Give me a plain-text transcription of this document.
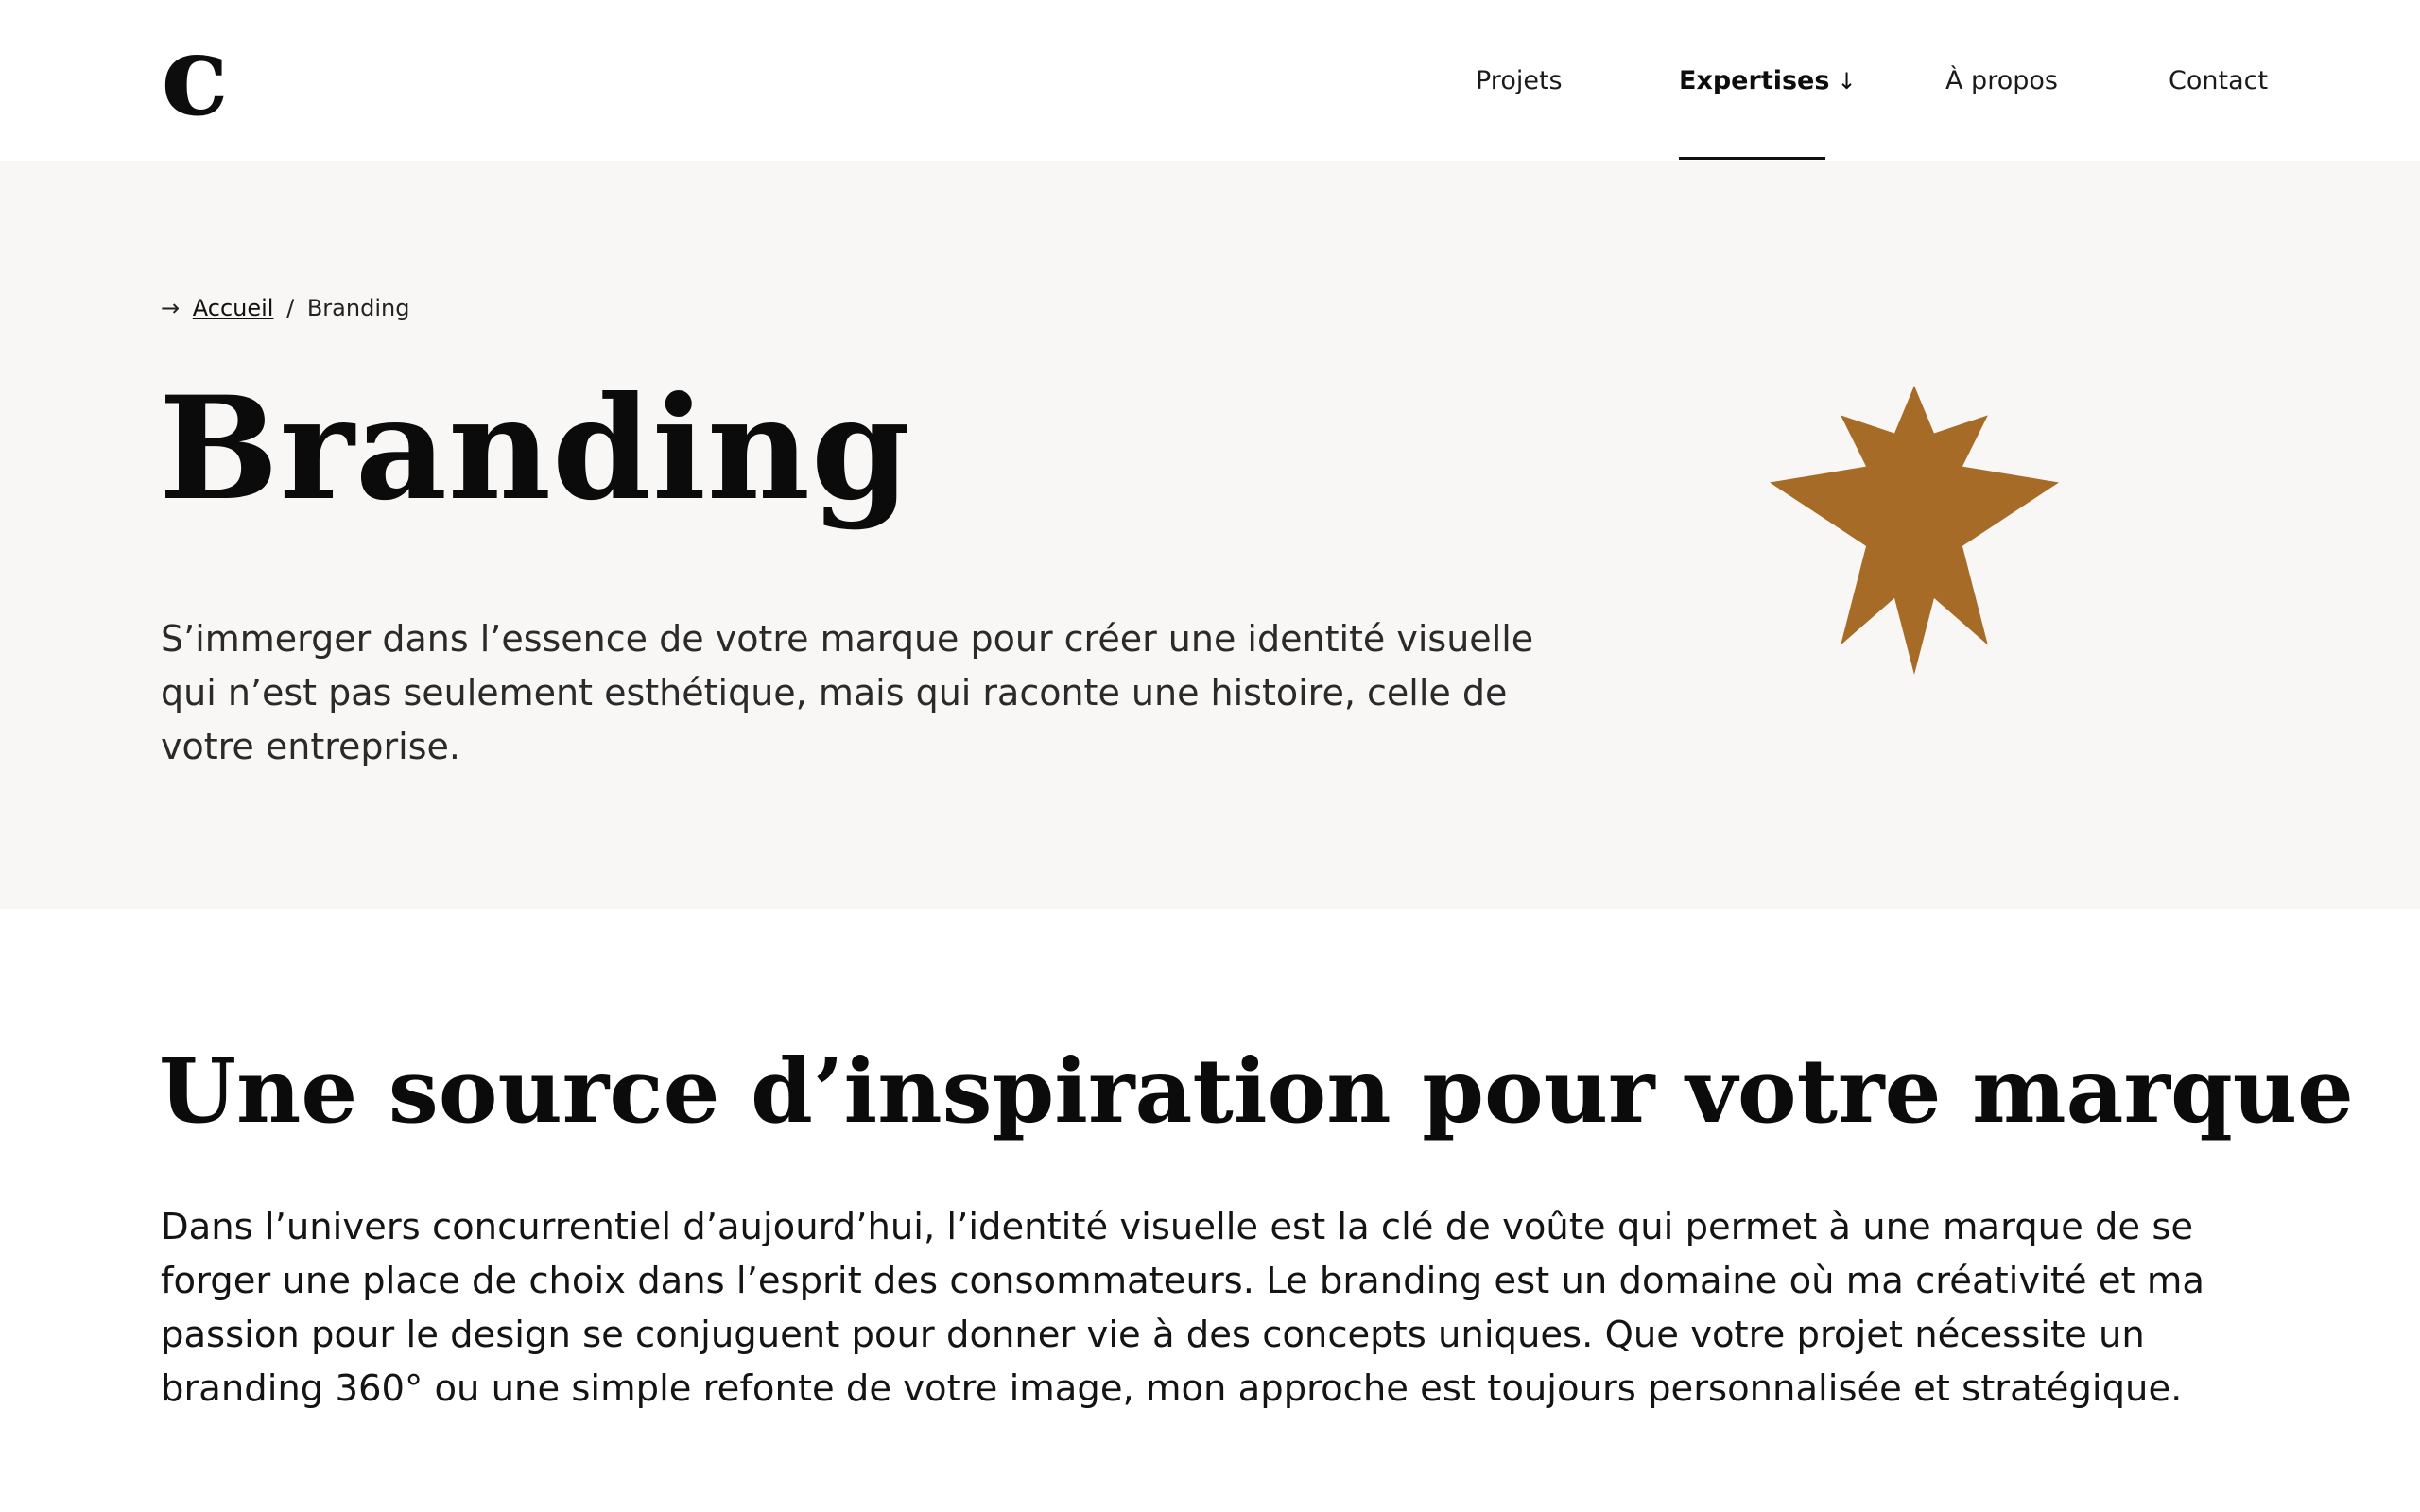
c	Projets	Expertises ↓	À propos	Contact
→ Accueil / Branding
Branding

S’immerger dans l’essence de votre marque pour créer une identité visuelle qui n’est pas seulement esthétique, mais qui raconte une histoire, celle de votre entreprise.

Une source d’inspiration pour votre marque

Dans l’univers concurrentiel d’aujourd’hui, l’identité visuelle est la clé de voûte qui permet à une marque de se forger une place de choix dans l’esprit des consommateurs. Le branding est un domaine où ma créativité et ma passion pour le design se conjuguent pour donner vie à des concepts uniques. Que votre projet nécessite un branding 360° ou une simple refonte de votre image, mon approche est toujours personnalisée et stratégique.
